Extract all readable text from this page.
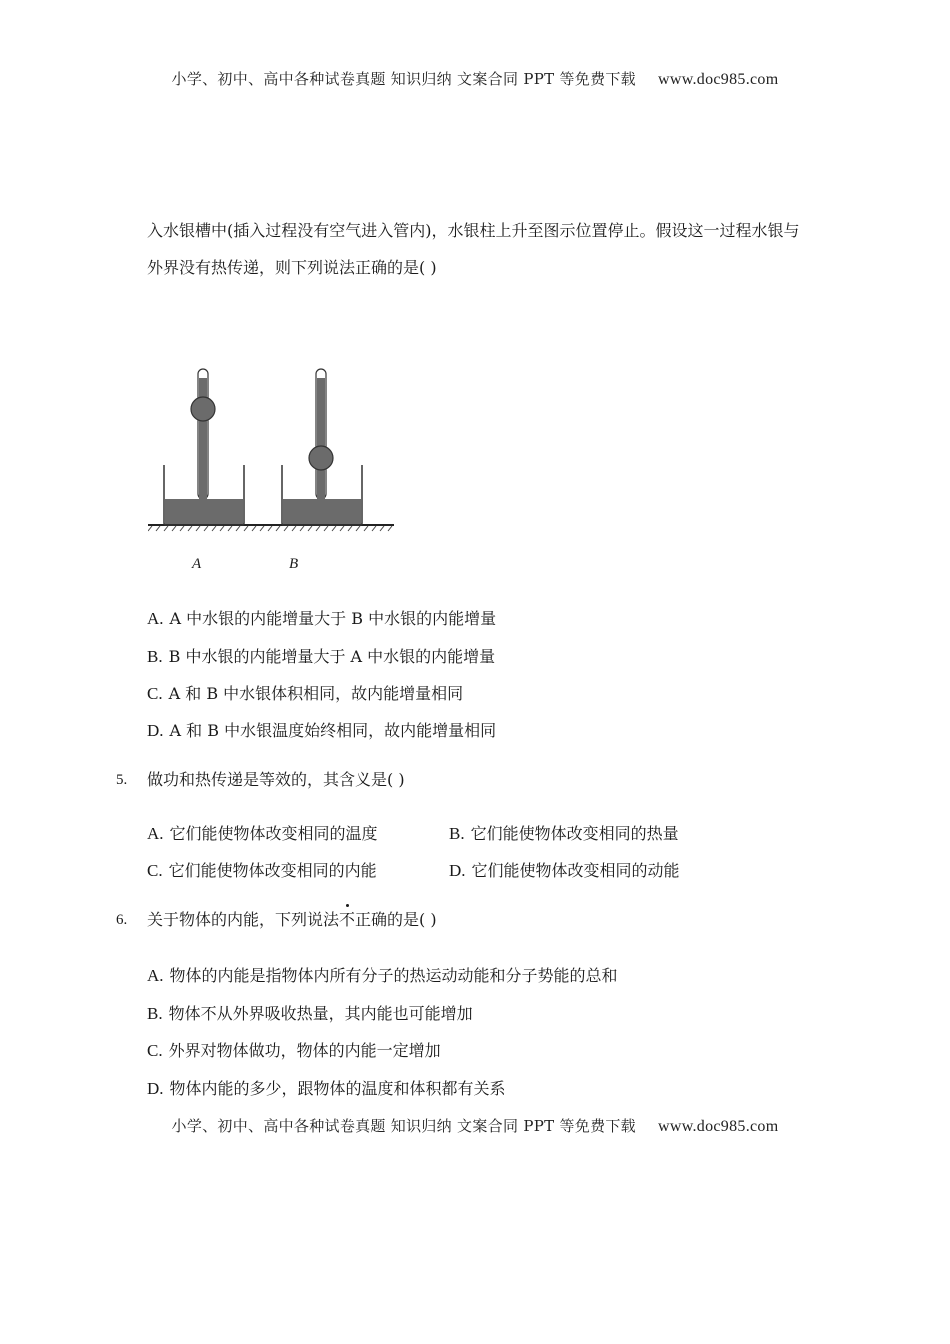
小学、初中、高中各种试卷真题 知识归纳 文案合同 PPT 等免费下载 www.doc985.com
入水银槽中(插入过程没有空气进入管内)，水银柱上升至图示位置停止。假设这一过程水银与
外界没有热传递，则下列说法正确的是( )
A	B
A. A 中水银的内能增量大于 B 中水银的内能增量
B. B 中水银的内能增量大于 A 中水银的内能增量
C. A 和 B 中水银体积相同，故内能增量相同
D. A 和 B 中水银温度始终相同，故内能增量相同
5. 做功和热传递是等效的，其含义是( )
A. 它们能使物体改变相同的温度	B. 它们能使物体改变相同的热量
C. 它们能使物体改变相同的内能	D. 它们能使物体改变相同的动能
6. 关于物体的内能，下列说法不正确的是( )
A. 物体的内能是指物体内所有分子的热运动动能和分子势能的总和
B. 物体不从外界吸收热量，其内能也可能增加
C. 外界对物体做功，物体的内能一定增加
D. 物体内能的多少，跟物体的温度和体积都有关系
小学、初中、高中各种试卷真题 知识归纳 文案合同 PPT 等免费下载 www.doc985.com
